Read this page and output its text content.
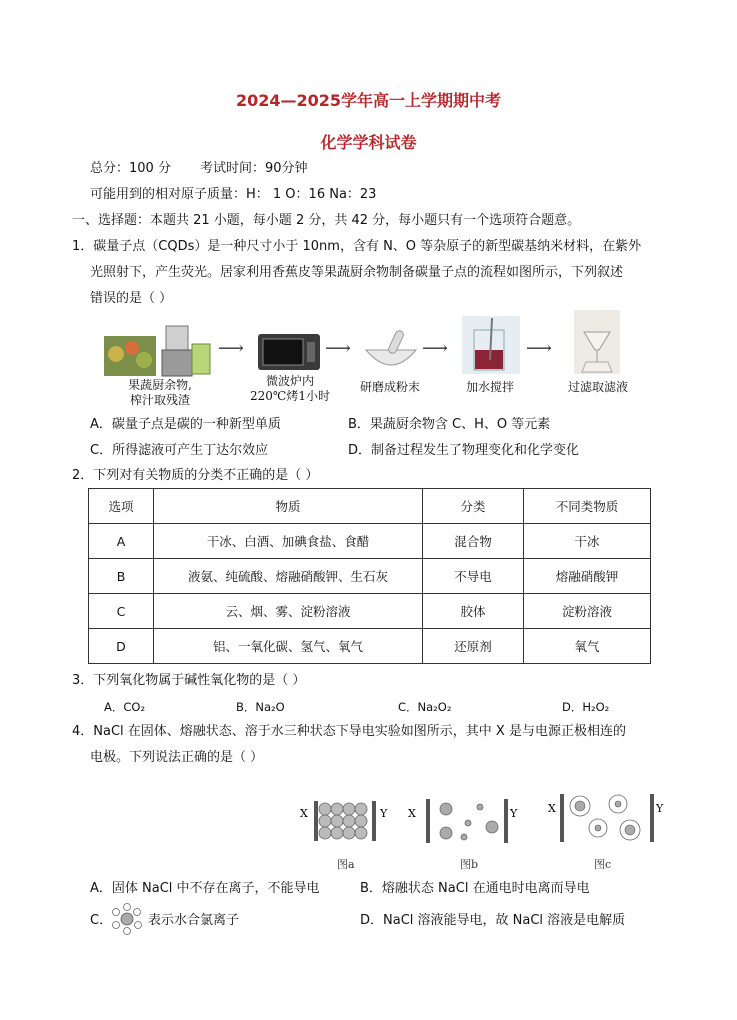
2024—2025学年高一上学期期中考
化学学科试卷
总分：100 分 考试时间：90分钟
可能用到的相对原子质量：H： 1 O：16 Na：23
一、选择题：本题共 21 小题，每小题 2 分，共 42 分，每小题只有一个选项符合题意。
1．碳量子点（CQDs）是一种尺寸小于 10nm，含有 N、O 等杂原子的新型碳基纳米材料，在紫外
光照射下，产生荧光。居家利用香蕉皮等果蔬厨余物制备碳量子点的流程如图所示，下列叙述
错误的是（ ）
⟶	⟶	⟶	⟶
果蔬厨余物,
榨汁取残渣
微波炉内
220℃烤1小时
研磨成粉末	加水搅拌	过滤取滤液
A．碳量子点是碳的一种新型单质	B．果蔬厨余物含 C、H、O 等元素
C．所得滤液可产生丁达尔效应	D．制备过程发生了物理变化和化学变化
2．下列对有关物质的分类不正确的是（ ）
选项	物质	分类	不同类物质
A	干冰、白酒、加碘食盐、食醋	混合物	干冰
B	液氨、纯硫酸、熔融硝酸钾、生石灰	不导电	熔融硝酸钾
C	云、烟、雾、淀粉溶液	胶体	淀粉溶液
D	铝、一氧化碳、氢气、氧气	还原剂	氧气
3．下列氧化物属于碱性氧化物的是（ ）
A．CO₂	B．Na₂O	C．Na₂O₂	D．H₂O₂
4．NaCl 在固体、熔融状态、溶于水三种状态下导电实验如图所示，其中 X 是与电源正极相连的
电极。下列说法正确的是（ ）
X	Y
图a
X	Y
图b
X	Y
图c
A．固体 NaCl 中不存在离子，不能导电	B．熔融状态 NaCl 在通电时电离而导电
C．	表示水合氯离子	D．NaCl 溶液能导电，故 NaCl 溶液是电解质
